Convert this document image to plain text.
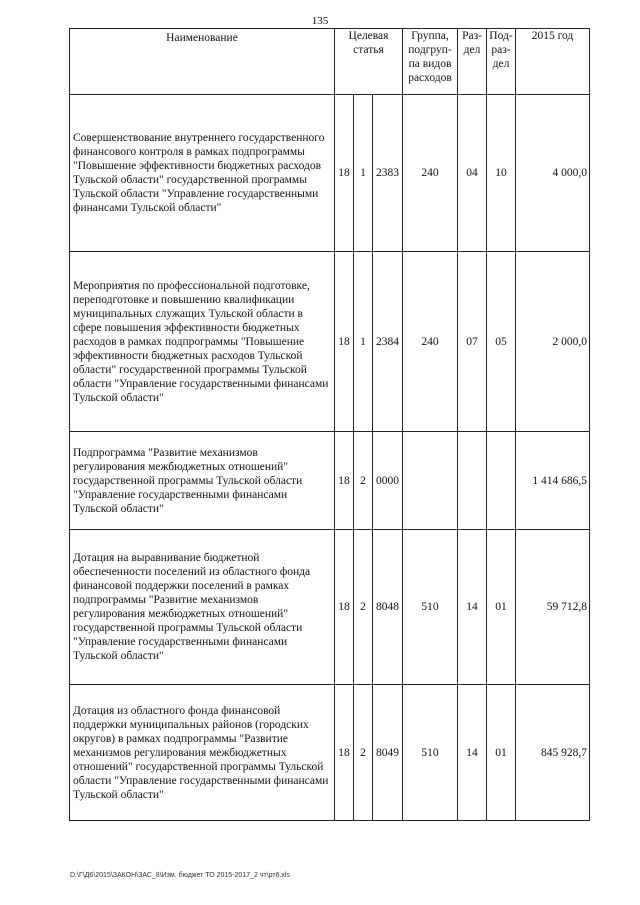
135
Наименование	Целевая статья			Группа, подгруп-па видов расходов	Раз-дел	Под-раз-дел	2015 год
Совершенствование внутреннего государственного финансового контроля в рамках подпрограммы "Повышение эффективности бюджетных расходов Тульской области" государственной программы Тульской области "Управление государственными финансами Тульской области"	18	1	2383	240	04	10	4 000,0
Мероприятия по профессиональной подготовке, переподготовке и повышению квалификации муниципальных служащих Тульской области в сфере повышения эффективности бюджетных расходов в рамках подпрограммы "Повышение эффективности бюджетных расходов Тульской области" государственной программы Тульской области "Управление государственными финансами Тульской области"	18	1	2384	240	07	05	2 000,0
Подпрограмма "Развитие механизмов регулирования межбюджетных отношений" государственной программы Тульской области "Управление государственными финансами Тульской области"	18	2	0000				1 414 686,5
Дотация на выравнивание бюджетной обеспеченности поселений из областного фонда финансовой поддержки поселений в рамках подпрограммы "Развитие механизмов регулирования межбюджетных отношений" государственной программы Тульской области "Управление государственными финансами Тульской области"	18	2	8048	510	14	01	59 712,8
Дотация из областного фонда финансовой поддержки муниципальных районов (городских округов) в рамках подпрограммы "Развитие механизмов регулирования межбюджетных отношений" государственной программы Тульской области "Управление государственными финансами Тульской области"	18	2	8049	510	14	01	845 928,7
D:\Г\Д6\2015\ЗАКОН\ЗАС_8\Изм. бюджет ТО 2015-2017_2 чт\рт6.xls
